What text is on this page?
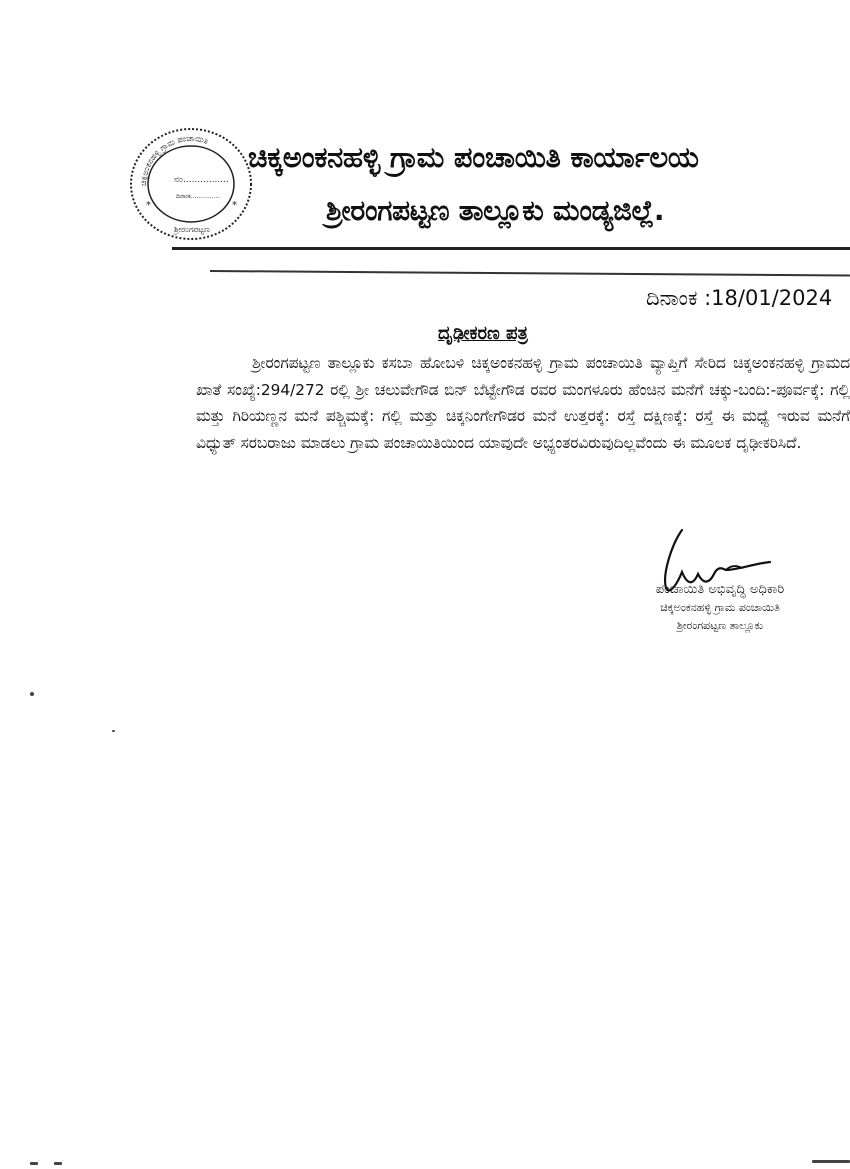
ಚಿಕ್ಕಅಂಕನಹಳ್ಳಿ ಗ್ರಾಮ ಪಂಚಾಯಿತಿ
ನಂ................
ದಿನಾಂಕ...............
ಶ್ರೀರಂಗಪಟ್ಟಣ
*
*
ಚಿಕ್ಕಅಂಕನಹಳ್ಳಿ ಗ್ರಾಮ ಪಂಚಾಯಿತಿ ಕಾರ್ಯಾಲಯ
ಶ್ರೀರಂಗಪಟ್ಟಣ ತಾಲ್ಲೂಕು ಮಂಡ್ಯಜಿಲ್ಲೆ.
ದಿನಾಂಕ :18/01/2024
ದೃಢೀಕರಣ ಪತ್ರ
ಶ್ರೀರಂಗಪಟ್ಟಣ ತಾಲ್ಲೂಕು ಕಸಬಾ ಹೋಬಳಿ ಚಿಕ್ಕಅಂಕನಹಳ್ಳಿ ಗ್ರಾಮ ಪಂಚಾಯಿತಿ ವ್ಯಾಪ್ತಿಗೆ ಸೇರಿದ ಚಿಕ್ಕಅಂಕನಹಳ್ಳಿ ಗ್ರಾಮದ ಖಾತೆ ಸಂಖ್ಯೆ:294/272 ರಲ್ಲಿ ಶ್ರೀ ಚಲುವೇಗೌಡ ಬಿನ್ ಬೆಟ್ಟೇಗೌಡ ರವರ ಮಂಗಳೂರು ಹೆಂಚಿನ ಮನೆಗೆ ಚಕ್ಕು-ಬಂದಿ:-ಪೂರ್ವಕ್ಕೆ: ಗಲ್ಲಿ ಮತ್ತು ಗಿರಿಯಣ್ಣನ ಮನೆ ಪಶ್ಚಿಮಕ್ಕೆ: ಗಲ್ಲಿ ಮತ್ತು ಚಿಕ್ಕನಿಂಗೇಗೌಡರ ಮನೆ ಉತ್ತರಕ್ಕೆ: ರಸ್ತೆ ದಕ್ಷಿಣಕ್ಕೆ: ರಸ್ತೆ ಈ ಮಧ್ಯೆ ಇರುವ ಮನೆಗೆ ವಿಧ್ಯುತ್ ಸರಬರಾಜು ಮಾಡಲು ಗ್ರಾಮ ಪಂಚಾಯಿತಿಯಿಂದ ಯಾವುದೇ ಅಭ್ಯಂತರವಿರುವುದಿಲ್ಲವೆಂದು ಈ ಮೂಲಕ ದೃಢೀಕರಿಸಿದೆ.
ಪಂಚಾಯಿತಿ ಅಭಿವೃದ್ಧಿ ಅಧಿಕಾರಿ
ಚಿಕ್ಕಅಂಕನಹಳ್ಳಿ ಗ್ರಾಮ ಪಂಚಾಯಿತಿ
ಶ್ರೀರಂಗಪಟ್ಟಣ ತಾಲ್ಲೂಕು
